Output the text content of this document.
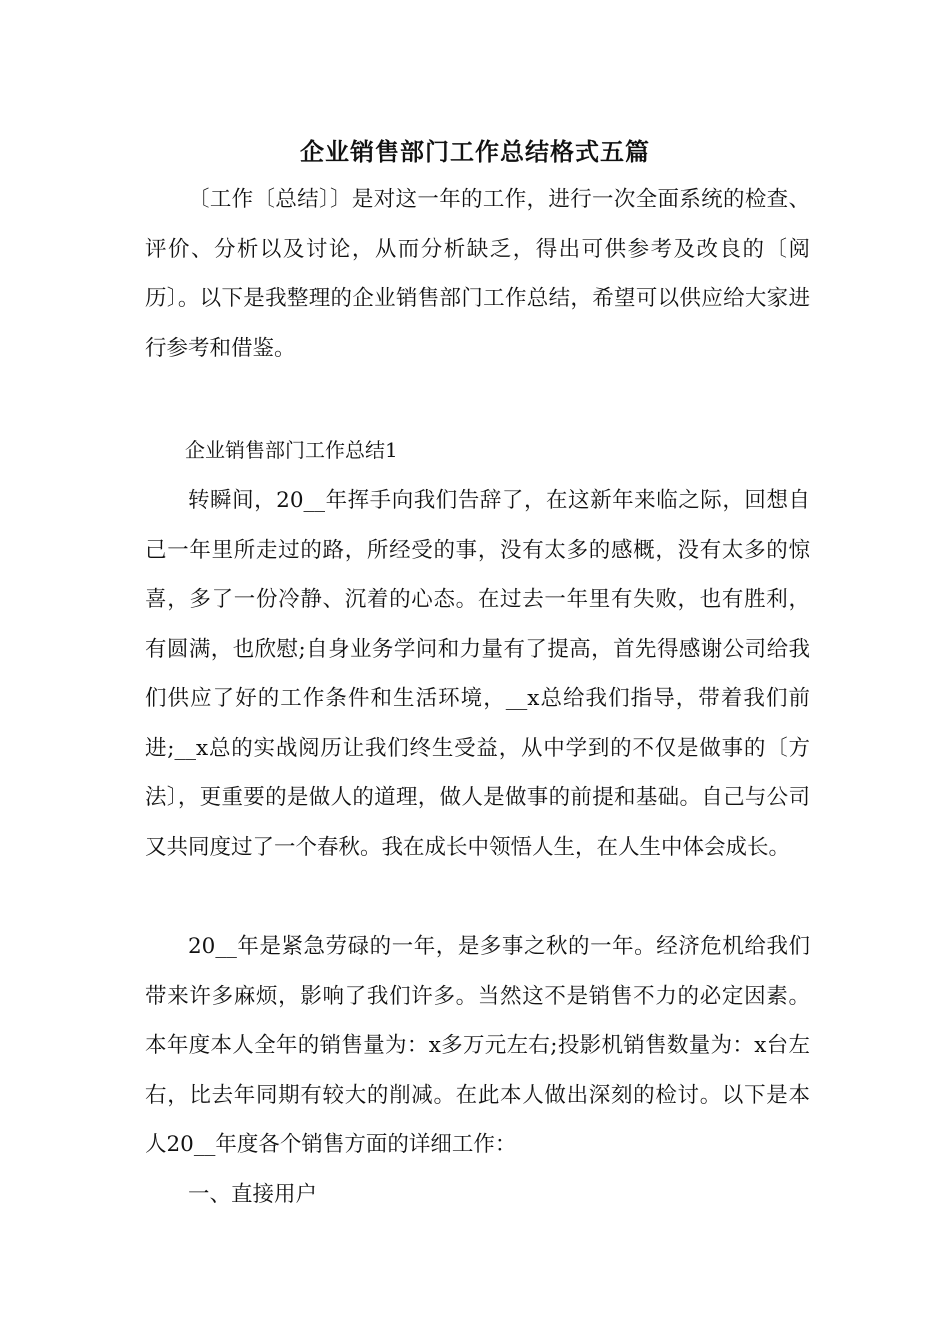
企业销售部门工作总结格式五篇

〔工作〔总结〕〕是对这一年的工作，进行一次全面系统的检查、评价、分析以及讨论，从而分析缺乏，得出可供参考及改良的〔阅历〕。以下是我整理的企业销售部门工作总结，希望可以供应给大家进行参考和借鉴。

企业销售部门工作总结1

转瞬间，20__年挥手向我们告辞了，在这新年来临之际，回想自己一年里所走过的路，所经受的事，没有太多的感概，没有太多的惊喜，多了一份冷静、沉着的心态。在过去一年里有失败，也有胜利，有圆满，也欣慰;自身业务学问和力量有了提高，首先得感谢公司给我们供应了好的工作条件和生活环境，__x总给我们指导，带着我们前进;__x总的实战阅历让我们终生受益，从中学到的不仅是做事的〔方法〕，更重要的是做人的道理，做人是做事的前提和基础。自己与公司又共同度过了一个春秋。我在成长中领悟人生，在人生中体会成长。

20__年是紧急劳碌的一年，是多事之秋的一年。经济危机给我们带来许多麻烦，影响了我们许多。当然这不是销售不力的必定因素。本年度本人全年的销售量为：x多万元左右;投影机销售数量为：x台左右，比去年同期有较大的削减。在此本人做出深刻的检讨。以下是本人20__年度各个销售方面的详细工作：

一、直接用户
